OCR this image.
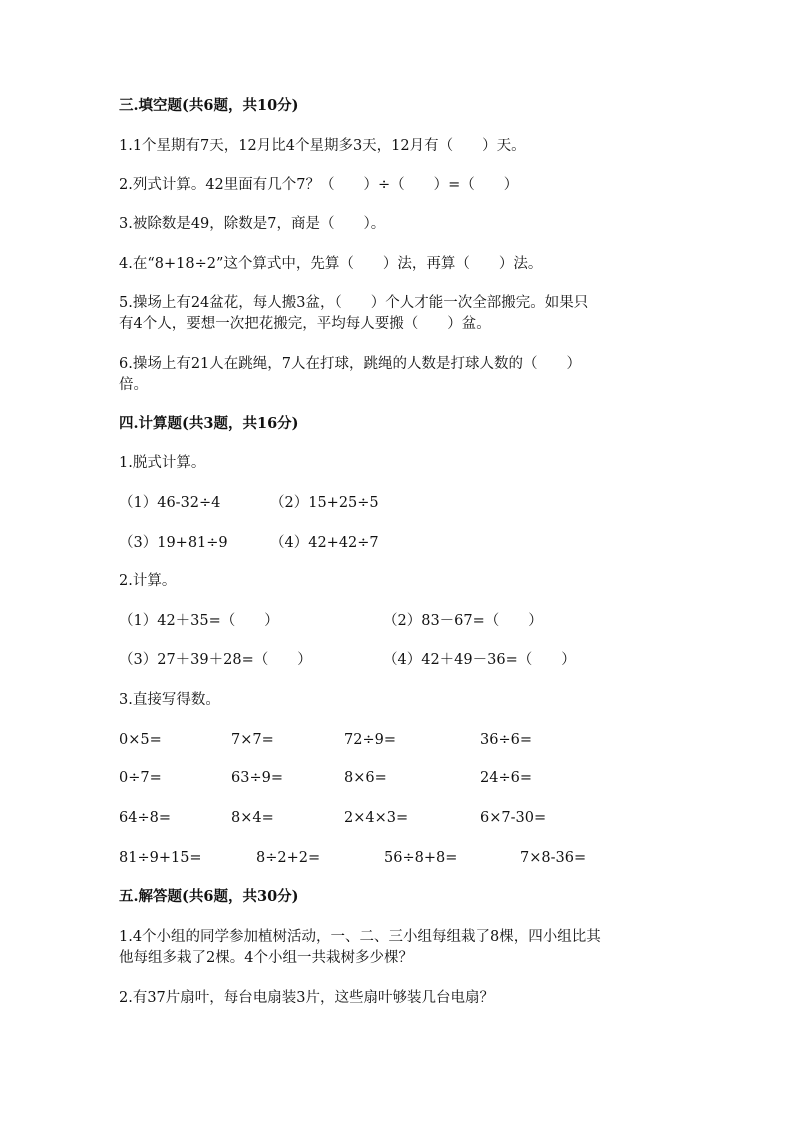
三.填空题(共6题，共10分)
1.1个星期有7天，12月比4个星期多3天，12月有（　　）天。
2.列式计算。42里面有几个7？（　　）÷（　　）=（　　）
3.被除数是49，除数是7，商是（　　）。
4.在“8+18÷2”这个算式中，先算（　　）法，再算（　　）法。
5.操场上有24盆花，每人搬3盆，（　　）个人才能一次全部搬完。如果只
有4个人，要想一次把花搬完，平均每人要搬（　　）盆。
6.操场上有21人在跳绳，7人在打球，跳绳的人数是打球人数的（　　）
倍。
四.计算题(共3题，共16分)
1.脱式计算。
（1）46-32÷4	（2）15+25÷5
（3）19+81÷9	（4）42+42÷7
2.计算。
（1）42＋35=（　　）	（2）83－67=（　　）
（3）27＋39＋28=（　　）	（4）42＋49－36=（　　）
3.直接写得数。
0×5=	7×7=	72÷9=	36÷6=
0÷7=	63÷9=	8×6=	24÷6=
64÷8=	8×4=	2×4×3=	6×7-30=
81÷9+15=	8÷2+2=	56÷8+8=	7×8-36=
五.解答题(共6题，共30分)
1.4个小组的同学参加植树活动，一、二、三小组每组栽了8棵，四小组比其
他每组多栽了2棵。4个小组一共栽树多少棵？
2.有37片扇叶，每台电扇装3片，这些扇叶够装几台电扇？
